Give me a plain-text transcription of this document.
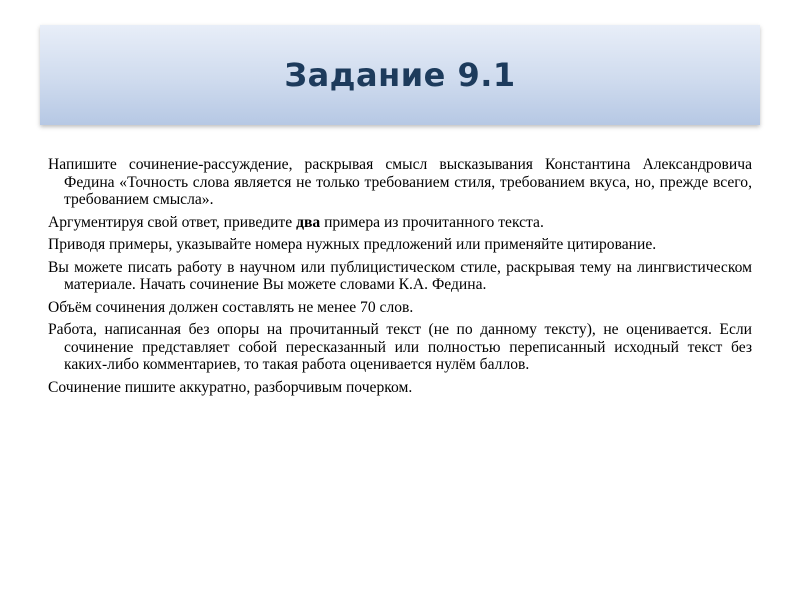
Задание 9.1

Напишите сочинение-рассуждение, раскрывая смысл высказывания Константина Александровича Федина «Точность слова является не только требованием стиля, требованием вкуса, но, прежде всего, требованием смысла».

Аргументируя свой ответ, приведите два примера из прочитанного текста.

Приводя примеры, указывайте номера нужных предложений или применяйте цитирование.

Вы можете писать работу в научном или публицистическом стиле, раскрывая тему на лингвистическом материале. Начать сочинение Вы можете словами К.А. Федина.

Объём сочинения должен составлять не менее 70 слов.

Работа, написанная без опоры на прочитанный текст (не по данному тексту), не оценивается. Если сочинение представляет собой пересказанный или полностью переписанный исходный текст без каких-либо комментариев, то такая работа оценивается нулём баллов.

Сочинение пишите аккуратно, разборчивым почерком.
